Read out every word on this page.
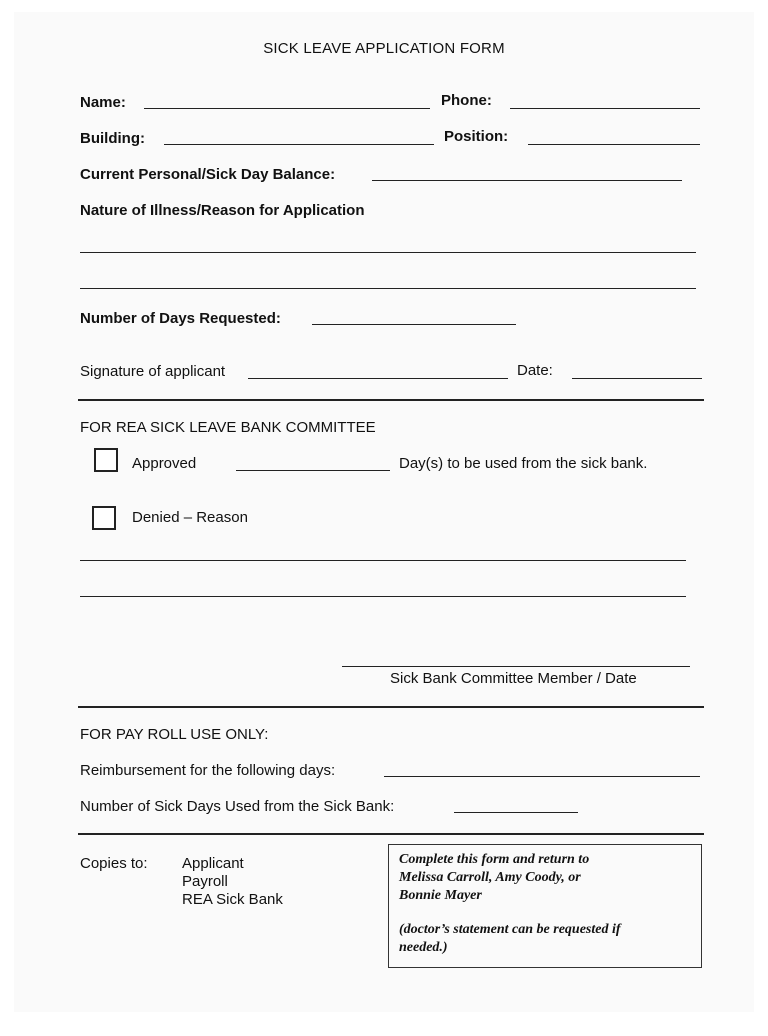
SICK LEAVE APPLICATION FORM
Name:	Phone:
Building:	Position:
Current Personal/Sick Day Balance:
Nature of Illness/Reason for Application
Number of Days Requested:
Signature of applicant	Date:
FOR REA SICK LEAVE BANK COMMITTEE
Approved	Day(s) to be used from the sick bank.
Denied – Reason
Sick Bank Committee Member / Date
FOR PAY ROLL USE ONLY:
Reimbursement for the following days:
Number of Sick Days Used from the Sick Bank:
Copies to: Applicant
Payroll
REA Sick Bank

Complete this form and return to

Melissa Carroll, Amy Coody, or

Bonnie Mayer

(doctor’s statement can be requested if

needed.)
